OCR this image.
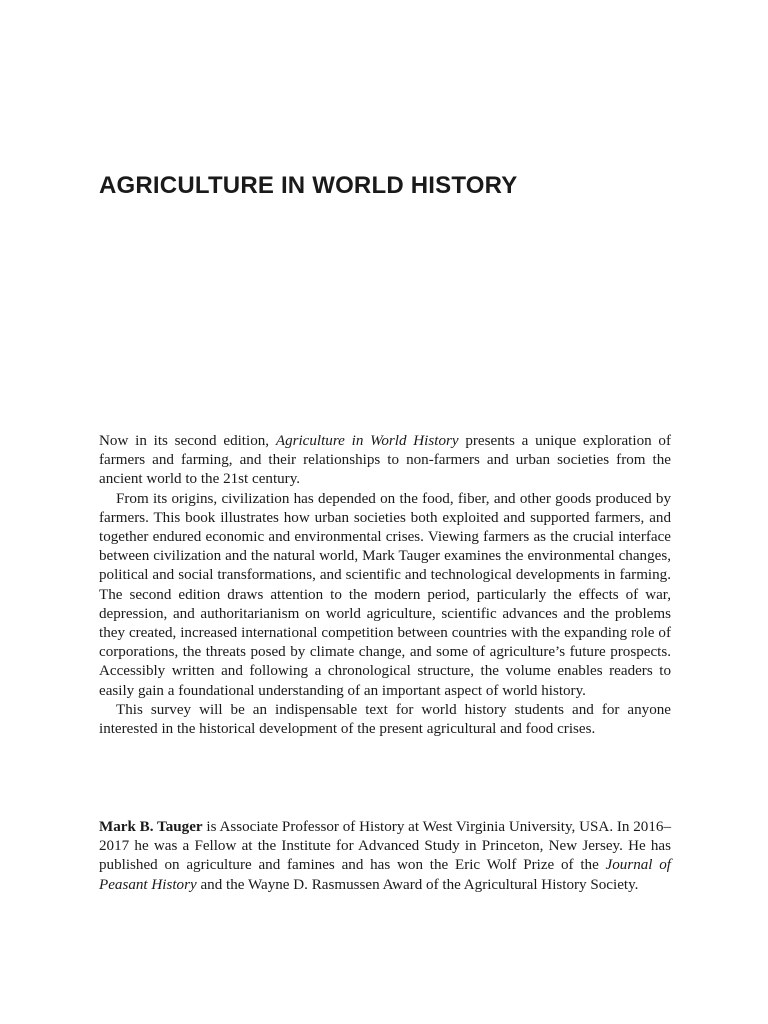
AGRICULTURE IN WORLD HISTORY

Now in its second edition, Agriculture in World History presents a unique exploration of farmers and farming, and their relationships to non-farmers and urban societies from the ancient world to the 21st century.

From its origins, civilization has depended on the food, fiber, and other goods produced by farmers. This book illustrates how urban societies both exploited and supported farmers, and together endured economic and environmental crises. Viewing farmers as the crucial interface between civilization and the natural world, Mark Tauger examines the environmental changes, political and social transformations, and scientific and technological developments in farming. The second edition draws attention to the modern period, particularly the effects of war, depression, and authoritarianism on world agriculture, scientific advances and the problems they created, increased international competition between countries with the expanding role of corporations, the threats posed by climate change, and some of agriculture’s future prospects. Accessibly written and following a chronological structure, the volume enables readers to easily gain a foundational understanding of an important aspect of world history.

This survey will be an indispensable text for world history students and for anyone interested in the historical development of the present agricultural and food crises.

Mark B. Tauger is Associate Professor of History at West Virginia University, USA. In 2016–2017 he was a Fellow at the Institute for Advanced Study in Princeton, New Jersey. He has published on agriculture and famines and has won the Eric Wolf Prize of the Journal of Peasant History and the Wayne D. Rasmussen Award of the Agricultural History Society.
